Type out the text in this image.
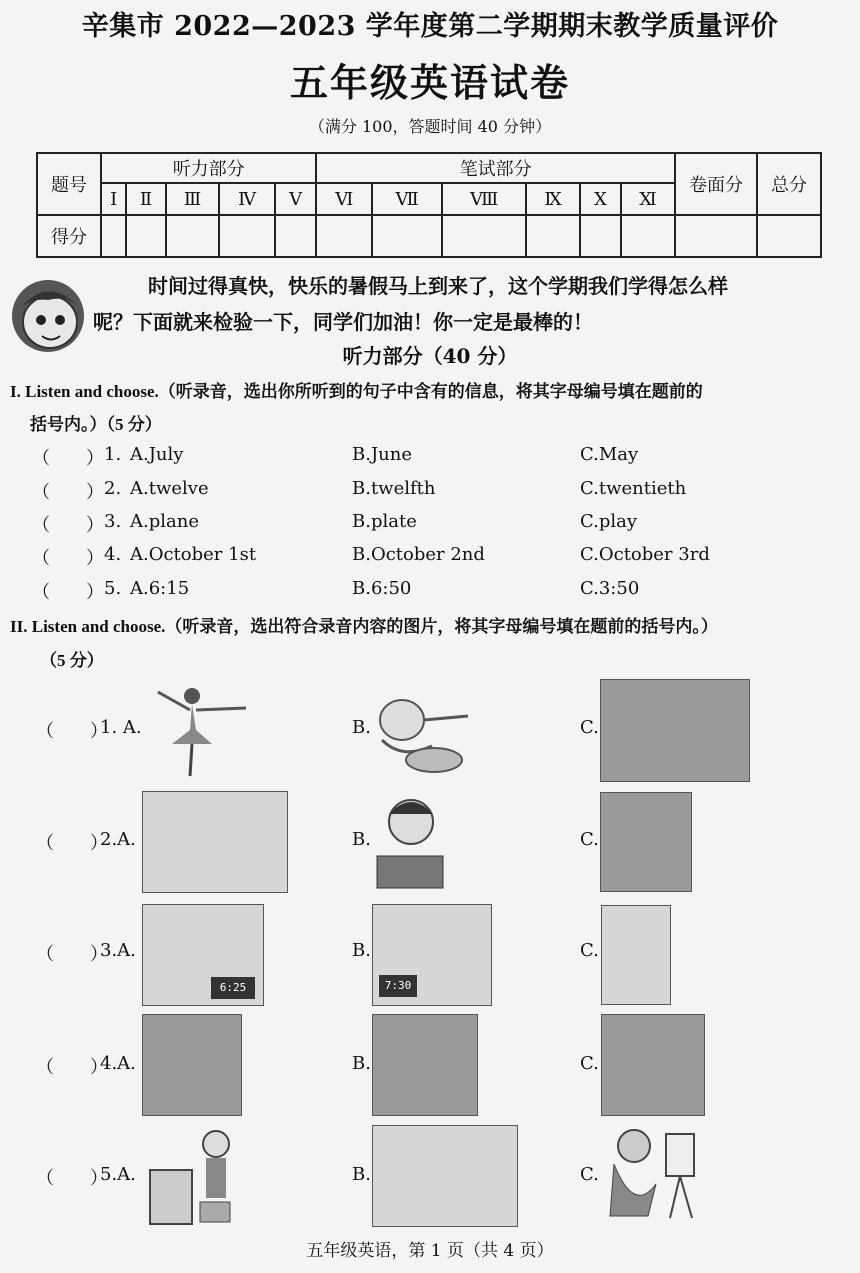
辛集市 2022—2023 学年度第二学期期末教学质量评价
五年级英语试卷
（满分 100，答题时间 40 分钟）
题号	听力部分					笔试部分						卷面分	总分
	Ⅰ	Ⅱ	Ⅲ	Ⅳ	Ⅴ	Ⅵ	Ⅶ	Ⅷ	Ⅸ	Ⅹ	Ⅺ		
得分													
时间过得真快，快乐的暑假马上到来了，这个学期我们学得怎么样
呢？下面就来检验一下，同学们加油！你一定是最棒的！
听力部分（40 分）
I. Listen and choose.（听录音，选出你所听到的句子中含有的信息，将其字母编号填在题前的
括号内。）（5 分）
（　　） 1. A.July	B.June	C.May
（　　） 2. A.twelve	B.twelfth	C.twentieth
（　　） 3. A.plane	B.plate	C.play
（　　） 4. A.October 1st	B.October 2nd	C.October 3rd
（　　） 5. A.6:15	B.6:50	C.3:50
II. Listen and choose.（听录音，选出符合录音内容的图片，将其字母编号填在题前的括号内。）
（5 分）
（　　）
1. A.	B.	C.
（　　）
2.A.	B.	C.
（　　）
3.A.	B.	C.
（　　）
4.A.	B.	C.
（　　）
5.A.	B.	C.
6:25	7:30
五年级英语，第 1 页（共 4 页）
